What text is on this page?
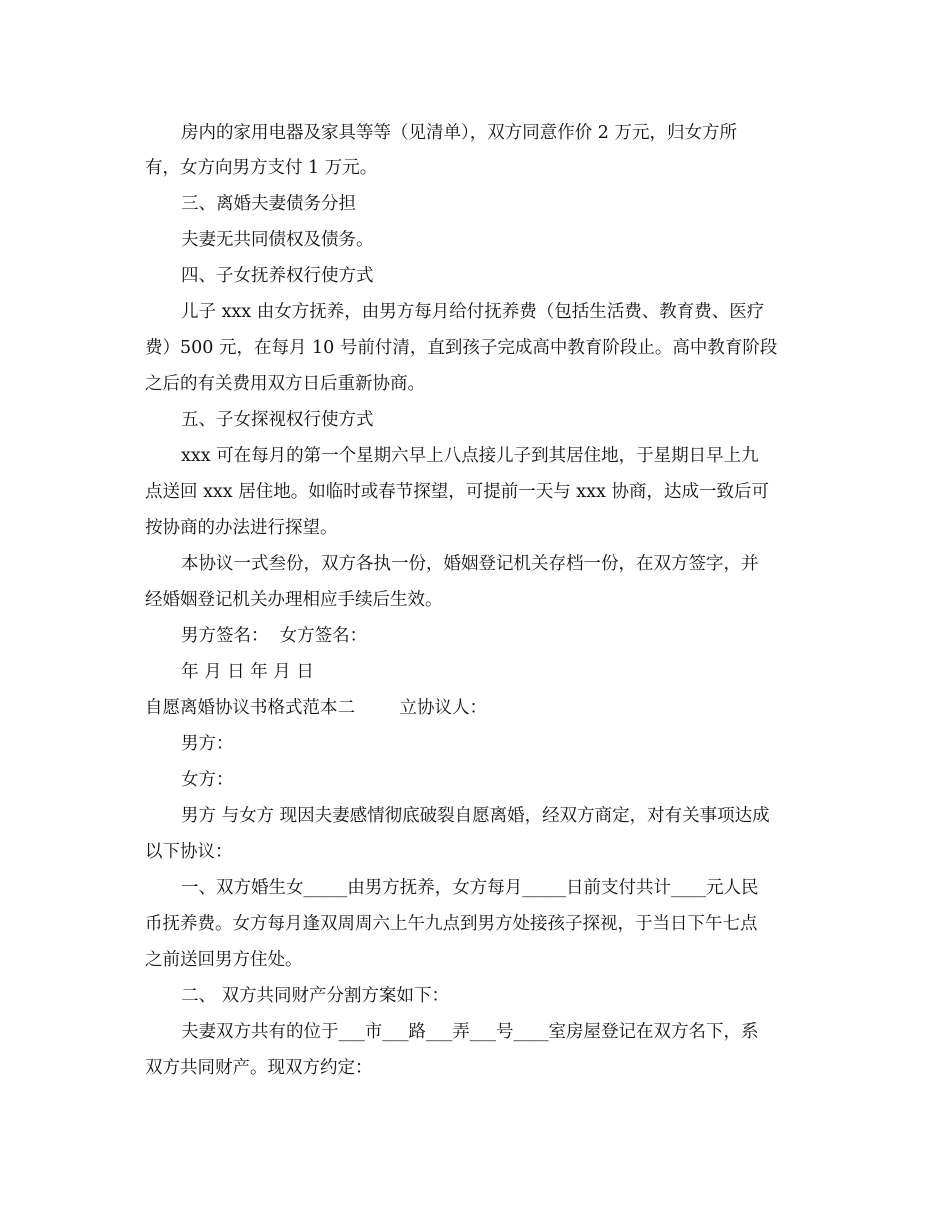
房内的家用电器及家具等等（见清单），双方同意作价 2 万元，归女方所
有，女方向男方支付 1 万元。
三、离婚夫妻债务分担
夫妻无共同债权及债务。
四、子女抚养权行使方式
儿子 xxx 由女方抚养，由男方每月给付抚养费（包括生活费、教育费、医疗
费）500 元，在每月 10 号前付清，直到孩子完成高中教育阶段止。高中教育阶段
之后的有关费用双方日后重新协商。
五、子女探视权行使方式
xxx 可在每月的第一个星期六早上八点接儿子到其居住地，于星期日早上九
点送回 xxx 居住地。如临时或春节探望，可提前一天与 xxx 协商，达成一致后可
按协商的办法进行探望。
本协议一式叁份，双方各执一份，婚姻登记机关存档一份，在双方签字，并
经婚姻登记机关办理相应手续后生效。
男方签名：  女方签名：
年 月 日 年 月 日
自愿离婚协议书格式范本二        立协议人：
男方：
女方：
男方 与女方 现因夫妻感情彻底破裂自愿离婚，经双方商定，对有关事项达成
以下协议：
一、双方婚生女_____由男方抚养，女方每月_____日前支付共计____元人民
币抚养费。女方每月逢双周周六上午九点到男方处接孩子探视，于当日下午七点
之前送回男方住处。
二、 双方共同财产分割方案如下：
夫妻双方共有的位于___市___路___弄___号____室房屋登记在双方名下，系
双方共同财产。现双方约定：
